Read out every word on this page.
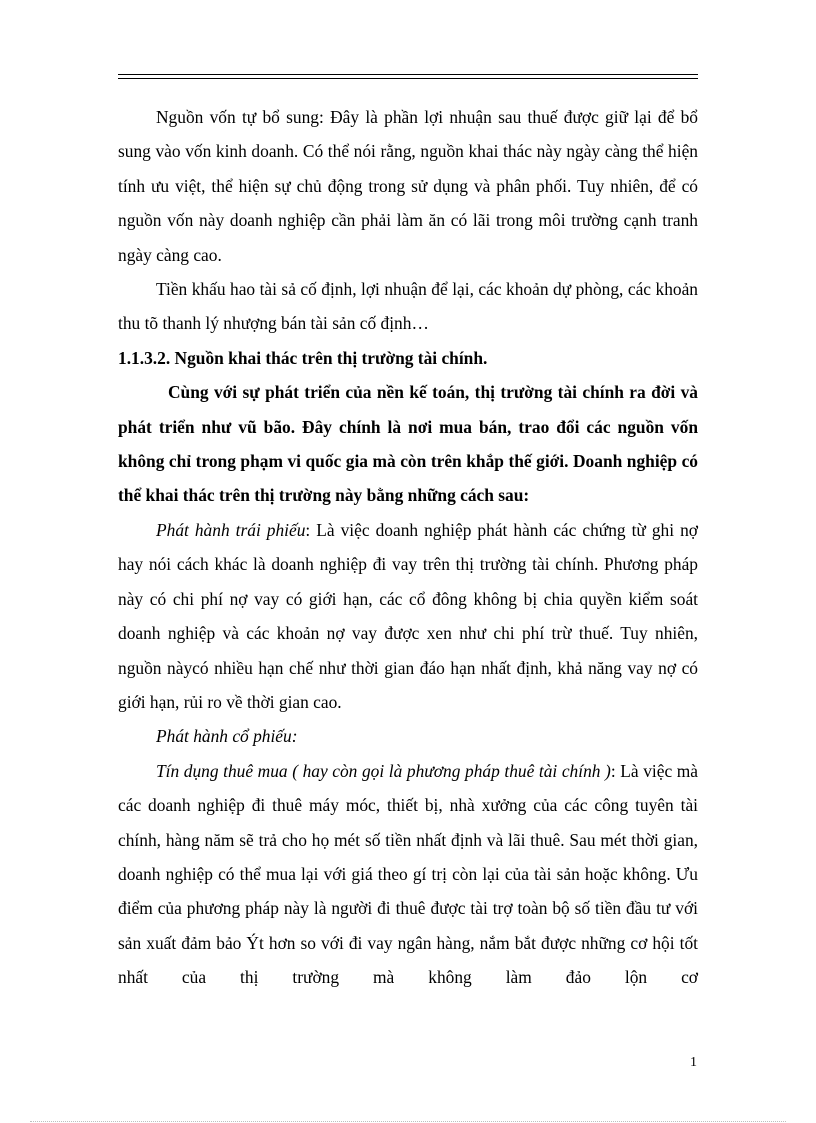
Nguồn vốn tự bổ sung: Đây là phần lợi nhuận sau thuế được giữ lại để bổ sung vào vốn kinh doanh. Có thể nói rằng, nguồn khai thác này ngày càng thể hiện tính ưu việt, thể hiện sự chủ động trong sử dụng và phân phối. Tuy nhiên, để có nguồn vốn này doanh nghiệp cần phải làm ăn có lãi trong môi trường cạnh tranh ngày càng cao.

Tiền khấu hao tài sả cố định, lợi nhuận để lại, các khoản dự phòng, các khoản thu tõ thanh lý nhượng bán tài sản cố định…

1.1.3.2. Nguồn khai thác trên thị trường tài chính.

Cùng với sự phát triển của nền kế toán, thị trường tài chính ra đời và phát triển như vũ bão. Đây chính là nơi mua bán, trao đổi các nguồn vốn không chỉ trong phạm vi quốc gia mà còn trên khắp thế giới. Doanh nghiệp có thể khai thác trên thị trường này bằng những cách sau:

Phát hành trái phiếu: Là việc doanh nghiệp phát hành các chứng từ ghi nợ hay nói cách khác là doanh nghiệp đi vay trên thị trường tài chính. Phương pháp này có chi phí nợ vay có giới hạn, các cổ đông không bị chia quyền kiểm soát doanh nghiệp và các khoản nợ vay được xen như chi phí trừ thuế. Tuy nhiên, nguồn nàycó nhiều hạn chế như thời gian đáo hạn nhất định, khả năng vay nợ có giới hạn, rủi ro về thời gian cao.

Phát hành cổ phiếu:

Tín dụng thuê mua ( hay còn gọi là phương pháp thuê tài chính ): Là việc mà các doanh nghiệp đi thuê máy móc, thiết bị, nhà xưởng của các công tuyên tài chính, hàng năm sẽ trả cho họ mét số tiền nhất định và lãi thuê. Sau mét thời gian, doanh nghiệp có thể mua lại với giá theo gí trị còn lại của tài sản hoặc không. Ưu điểm của phương pháp này là người đi thuê được tài trợ toàn bộ số tiền đầu tư với sản xuất đảm bảo Ýt hơn so với đi vay ngân hàng, nắm bắt được những cơ hội tốt nhất của thị trường mà không làm đảo lộn cơ

1
